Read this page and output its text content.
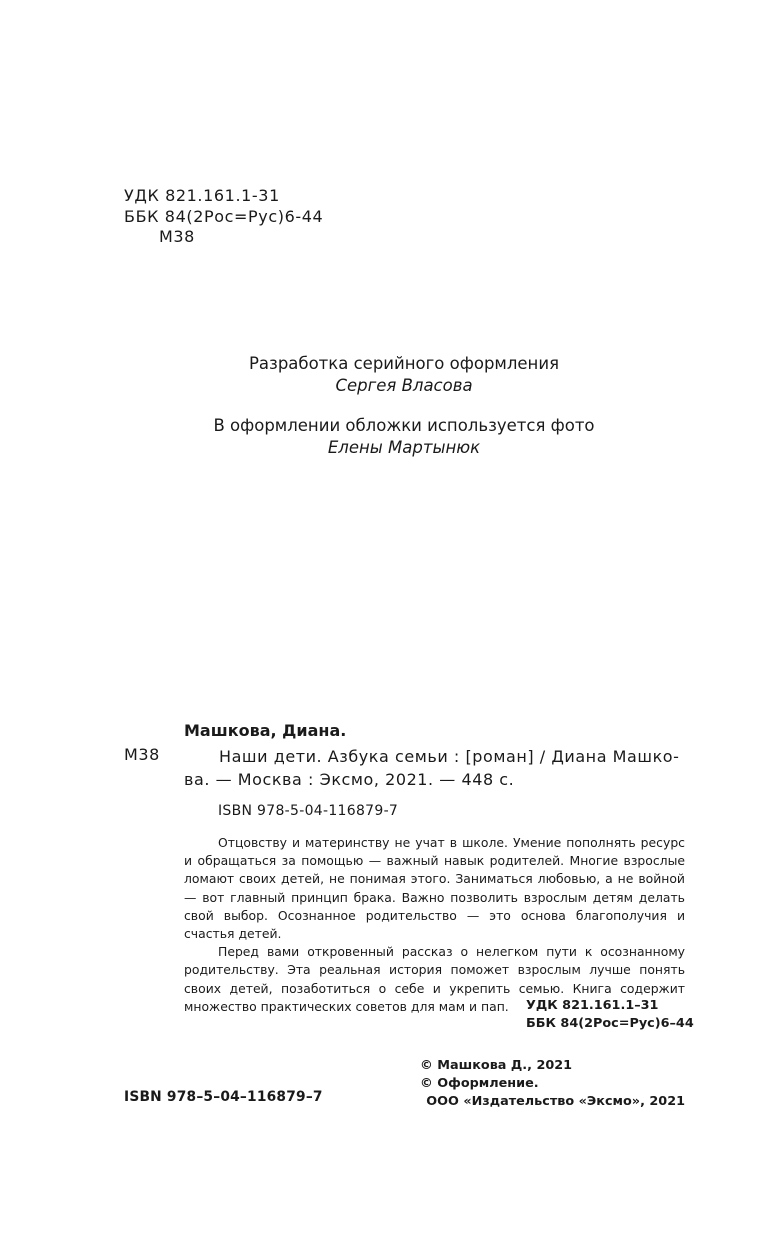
УДК 821.161.1-31
ББК 84(2Рос=Рус)6-44
М38
Разработка серийного оформления
Сергея Власова
В оформлении обложки используется фото
Елены Мартынюк
Машкова, Диана.
М38	Наши дети. Азбука семьи : [роман] / Диана Машко-
ва. — Москва : Эксмо, 2021. — 448 с.
ISBN 978-5-04-116879-7

Отцовству и материнству не учат в школе. Умение пополнять ресурс и обращаться за помощью — важный навык родителей. Многие взрослые ломают своих детей, не понимая этого. Заниматься любовью, а не войной — вот главный принцип брака. Важно позволить взрослым детям делать свой выбор. Осознанное родительство — это основа благополучия и счастья детей.

Перед вами откровенный рассказ о нелегком пути к осознанному родительству. Эта реальная история поможет взрослым лучше понять своих детей, позаботиться о себе и укрепить семью. Книга содержит множество практических советов для мам и пап.	УДК 821.161.1–31
ББК 84(2Рос=Рус)6–44
© Машкова Д., 2021
© Оформление.
ООО «Издательство «Эксмо», 2021
ISBN 978–5–04–116879–7
